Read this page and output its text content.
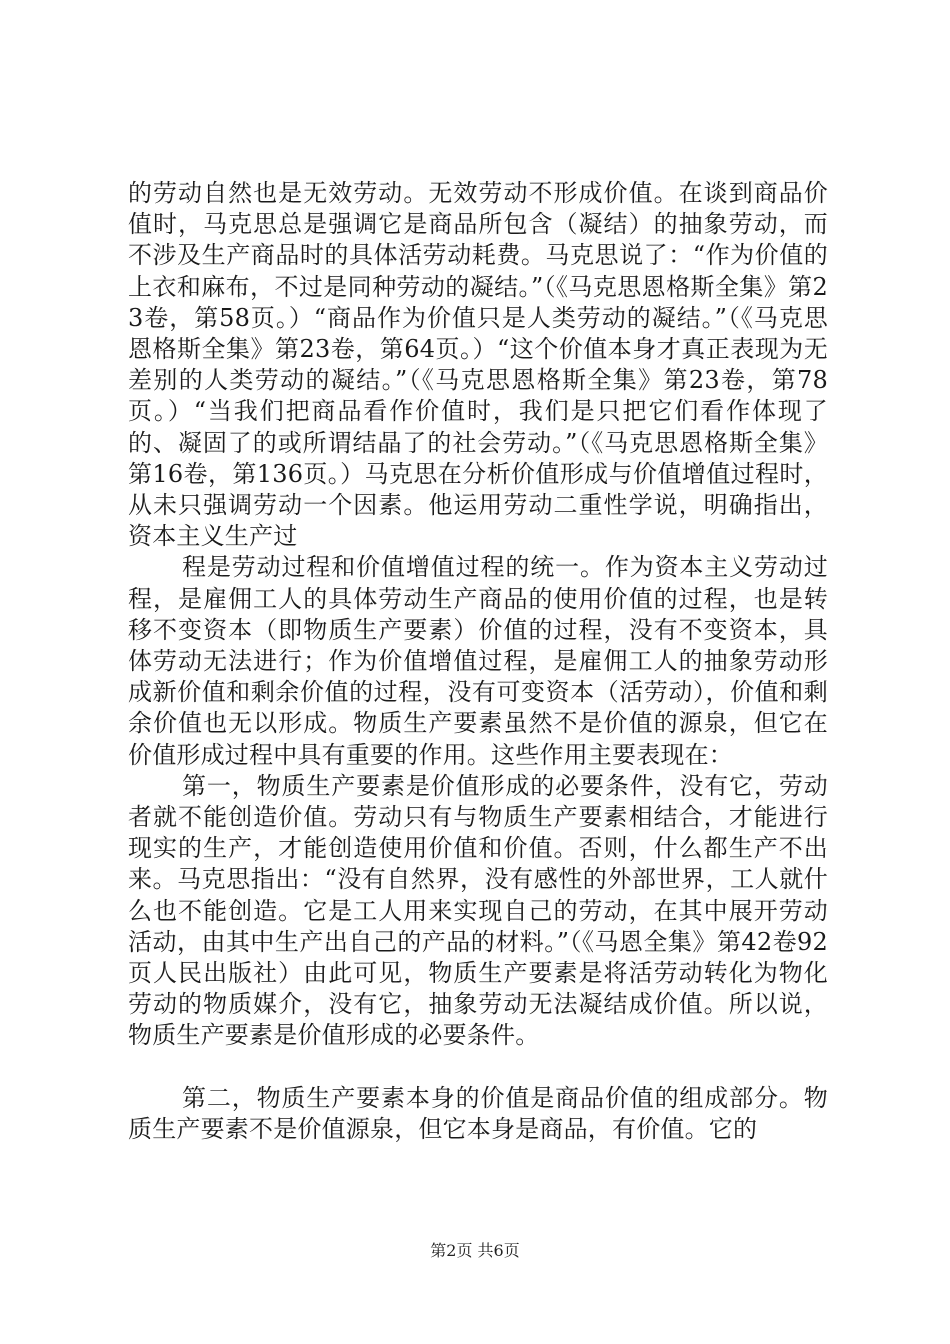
的劳动自然也是无效劳动。无效劳动不形成价值。在谈到商品价值时，马克思总是强调它是商品所包含（凝结）的抽象劳动，而不涉及生产商品时的具体活劳动耗费。马克思说了：“作为价值的上衣和麻布，不过是同种劳动的凝结。”（《马克思恩格斯全集》第23卷，第58页。）“商品作为价值只是人类劳动的凝结。”（《马克思恩格斯全集》第23卷，第64页。）“这个价值本身才真正表现为无差别的人类劳动的凝结。”（《马克思恩格斯全集》第23卷，第78页。）“当我们把商品看作价值时，我们是只把它们看作体现了的、凝固了的或所谓结晶了的社会劳动。”（《马克思恩格斯全集》第16卷，第136页。）马克思在分析价值形成与价值增值过程时，从未只强调劳动一个因素。他运用劳动二重性学说，明确指出，资本主义生产过

程是劳动过程和价值增值过程的统一。作为资本主义劳动过程，是雇佣工人的具体劳动生产商品的使用价值的过程，也是转移不变资本（即物质生产要素）价值的过程，没有不变资本，具体劳动无法进行；作为价值增值过程，是雇佣工人的抽象劳动形成新价值和剩余价值的过程，没有可变资本（活劳动），价值和剩余价值也无以形成。物质生产要素虽然不是价值的源泉，但它在价值形成过程中具有重要的作用。这些作用主要表现在：

第一，物质生产要素是价值形成的必要条件，没有它，劳动者就不能创造价值。劳动只有与物质生产要素相结合，才能进行现实的生产，才能创造使用价值和价值。否则，什么都生产不出来。马克思指出：“没有自然界，没有感性的外部世界，工人就什么也不能创造。它是工人用来实现自己的劳动，在其中展开劳动活动，由其中生产出自己的产品的材料。”（《马恩全集》第42卷92页人民出版社）由此可见，物质生产要素是将活劳动转化为物化劳动的物质媒介，没有它，抽象劳动无法凝结成价值。所以说，物质生产要素是价值形成的必要条件。

第二，物质生产要素本身的价值是商品价值的组成部分。物质生产要素不是价值源泉，但它本身是商品，有价值。它的

第2页 共6页
